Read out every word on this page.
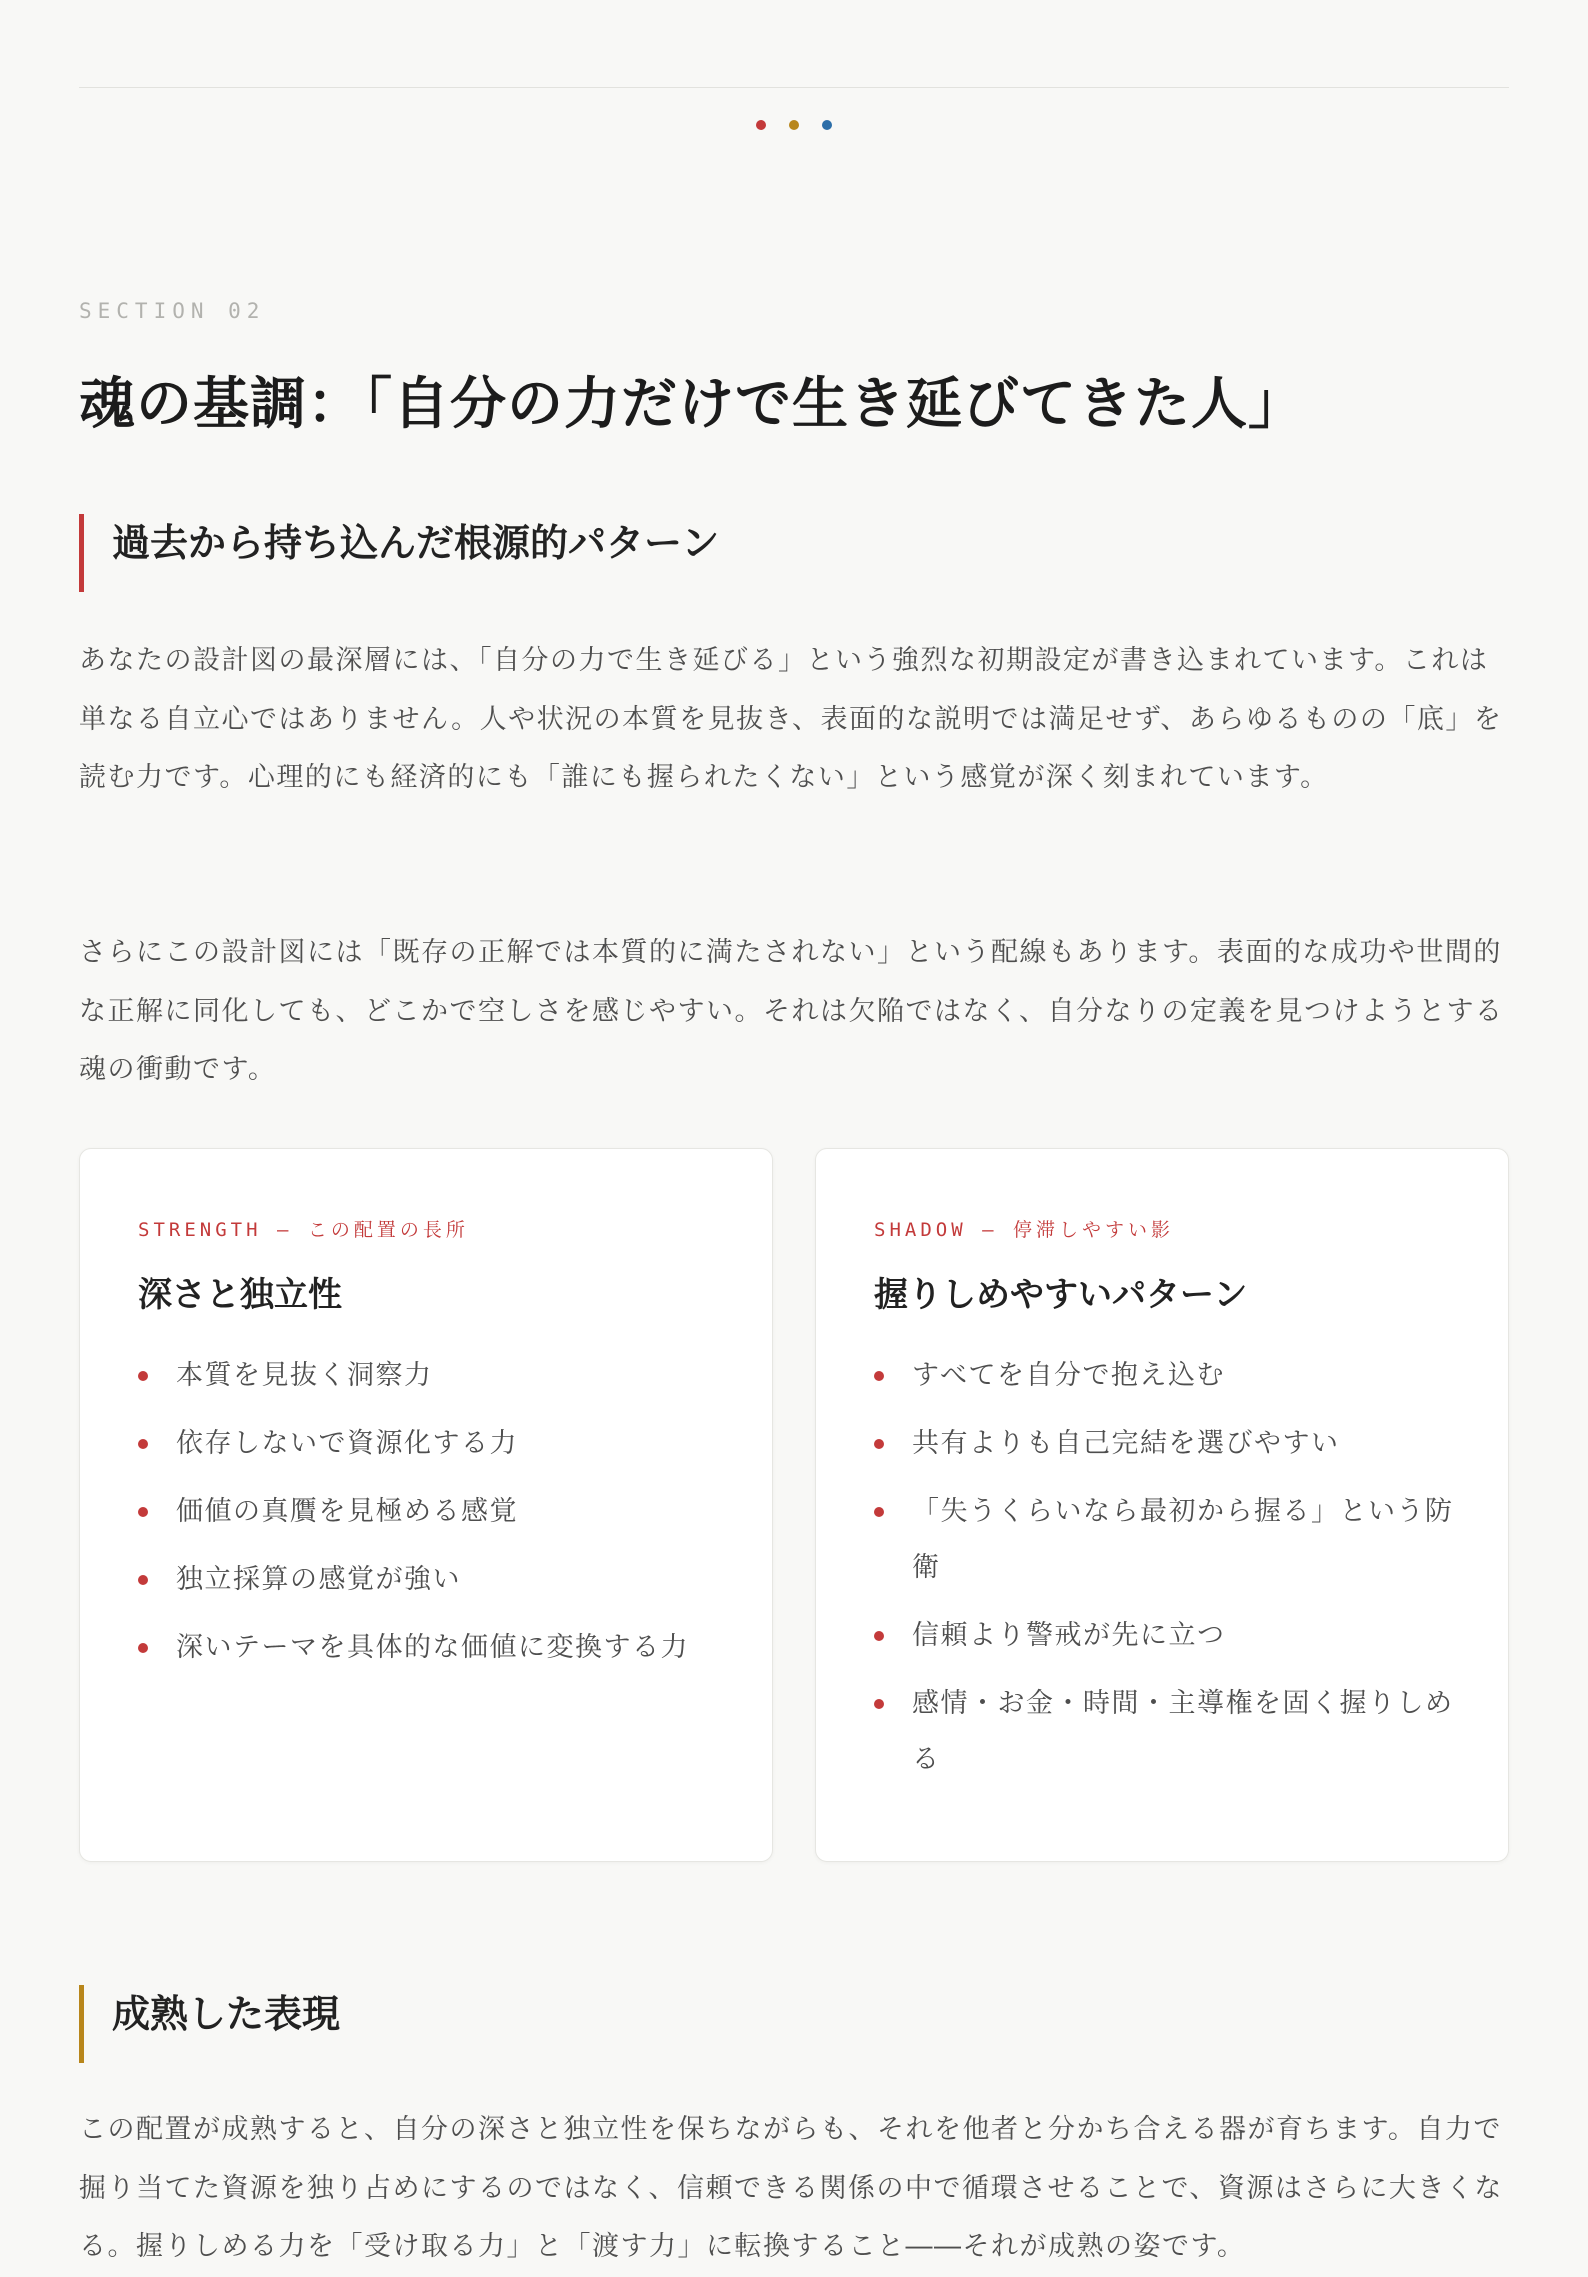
SECTION 02
魂の基調：「自分の力だけで生き延びてきた人」
過去から持ち込んだ根源的パターン

あなたの設計図の最深層には、「自分の力で生き延びる」という強烈な初期設定が書き込まれています。これは単なる自立心ではありません。人や状況の本質を見抜き、表面的な説明では満足せず、あらゆるものの「底」を読む力です。心理的にも経済的にも「誰にも握られたくない」という感覚が深く刻まれています。

さらにこの設計図には「既存の正解では本質的に満たされない」という配線もあります。表面的な成功や世間的な正解に同化しても、どこかで空しさを感じやすい。それは欠陥ではなく、自分なりの定義を見つけようとする魂の衝動です。

STRENGTH — この配置の長所
深さと独立性
本質を見抜く洞察力
依存しないで資源化する力
価値の真贋を見極める感覚
独立採算の感覚が強い
深いテーマを具体的な価値に変換する力
SHADOW — 停滞しやすい影
握りしめやすいパターン
すべてを自分で抱え込む
共有よりも自己完結を選びやすい
「失うくらいなら最初から握る」という防衛
信頼より警戒が先に立つ
感情・お金・時間・主導権を固く握りしめる
成熟した表現

この配置が成熟すると、自分の深さと独立性を保ちながらも、それを他者と分かち合える器が育ちます。自力で掘り当てた資源を独り占めにするのではなく、信頼できる関係の中で循環させることで、資源はさらに大きくなる。握りしめる力を「受け取る力」と「渡す力」に転換すること――それが成熟の姿です。
